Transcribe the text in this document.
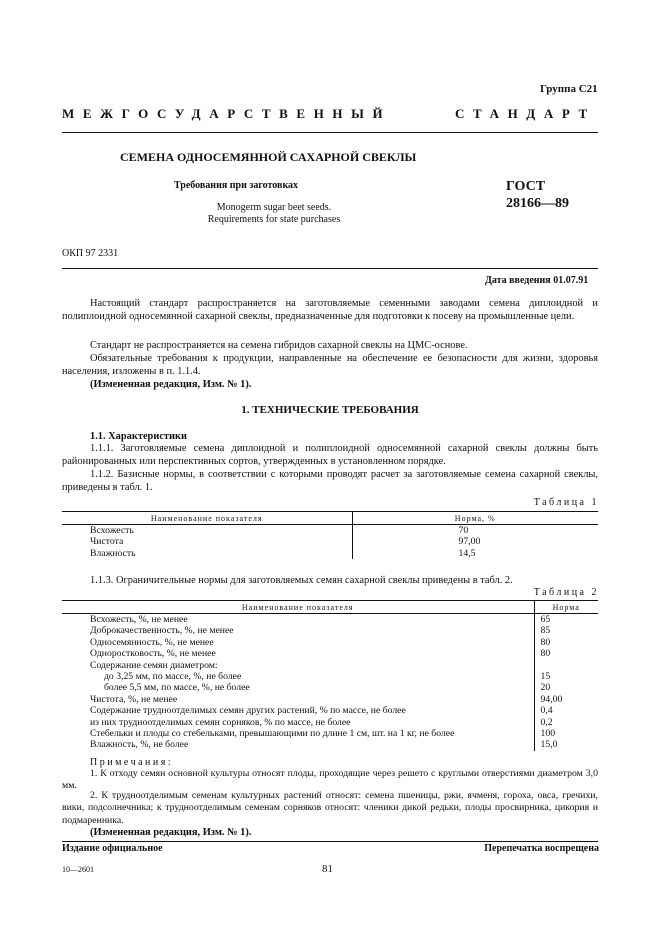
Группа С21
МЕЖГОСУДАРСТВЕННЫЙ	СТАНДАРТ
СЕМЕНА ОДНОСЕМЯННОЙ САХАРНОЙ СВЕКЛЫ
Требования при заготовках	ГОСТ
28166—89
Monogerm sugar beet seeds.
Requirements for state purchases
ОКП 97 2331
Дата введения 01.07.91
Настоящий стандарт распространяется на заготовляемые семенными заводами семена диплоидной и полиплоидной односемянной сахарной свеклы, предназначенные для подготовки к посеву на промышленные цели.
Стандарт не распространяется на семена гибридов сахарной свеклы на ЦМС-основе.
Обязательные требования к продукции, направленные на обеспечение ее безопасности для жизни, здоровья населения, изложены в п. 1.1.4.
(Измененная редакция, Изм. № 1).
1. ТЕХНИЧЕСКИЕ ТРЕБОВАНИЯ
1.1. Характеристики
1.1.1. Заготовляемые семена диплоидной и полиплоидной односемянной сахарной свеклы должны быть районированных или перспективных сортов, утвержденных в установленном порядке.
1.1.2. Базисные нормы, в соответствии с которыми проводят расчет за заготовляемые семена сахарной свеклы, приведены в табл. 1.
Таблица 1
Наименование показателя	Норма, %
Всхожесть	70
Чистота	97,00
Влажность	14,5
1.1.3. Ограничительные нормы для заготовляемых семян сахарной свеклы приведены в табл. 2.
Таблица 2
Наименование показателя	Норма
Всхожесть, %, не менее	65
Доброкачественность, %, не менее	85
Односемянность, %, не менее	80
Одноростковость, %, не менее	80
Содержание семян диаметром:	
до 3,25 мм, по массе, %, не более	15
более 5,5 мм, по массе, %, не более	20
Чистота, %, не менее	94,00
Содержание трудноотделимых семян других растений, % по массе, не более	0,4
из них трудноотделимых семян сорняков, % по массе, не более	0,2
Стебельки и плоды со стебельками, превышающими по длине 1 см, шт. на 1 кг, не более	100
Влажность, %, не более	15,0
Примечания:
1. К отходу семян основной культуры относят плоды, проходящие через решето с круглыми отверстиями диаметром 3,0 мм.
2. К трудноотделимым семенам культурных растений относят: семена пшеницы, ржи, ячменя, гороха, овса, гречихи, вики, подсолнечника; к трудноотделимым семенам сорняков относят: членики дикой редьки, плоды просвирника, цикория и подмаренника.
(Измененная редакция, Изм. № 1).
Издание официальное	Перепечатка воспрещена
10—2601	81
